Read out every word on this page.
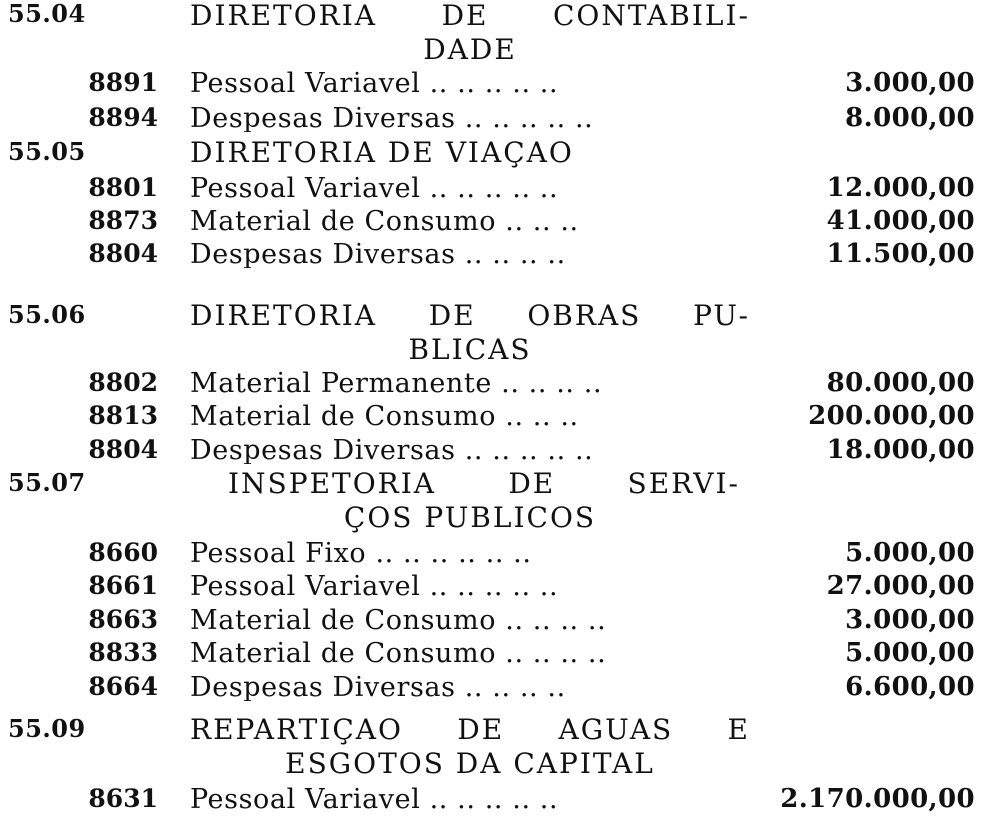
55.04	DIRETORIA DE CONTABILI-
DADE
8891 Pessoal Variavel .. .. .. .. ..	3.000,00
8894 Despesas Diversas .. .. .. .. ..	8.000,00
55.05	DIRETORIA DE VIAÇAO
8801 Pessoal Variavel .. .. .. .. ..	12.000,00
8873 Material de Consumo .. .. ..	41.000,00
8804 Despesas Diversas .. .. .. ..	11.500,00
55.06	DIRETORIA DE OBRAS PU-
BLICAS
8802 Material Permanente .. .. .. ..	80.000,00
8813 Material de Consumo .. .. ..	200.000,00
8804 Despesas Diversas .. .. .. .. ..	18.000,00
55.07	INSPETORIA DE SERVI-
ÇOS PUBLICOS
8660 Pessoal Fixo .. .. .. .. .. ..	5.000,00
8661 Pessoal Variavel .. .. .. .. ..	27.000,00
8663 Material de Consumo .. .. .. ..	3.000,00
8833 Material de Consumo .. .. .. ..	5.000,00
8664 Despesas Diversas .. .. .. ..	6.600,00
55.09	REPARTIÇAO DE AGUAS E
ESGOTOS DA CAPITAL
8631 Pessoal Variavel .. .. .. .. ..	2.170.000,00
